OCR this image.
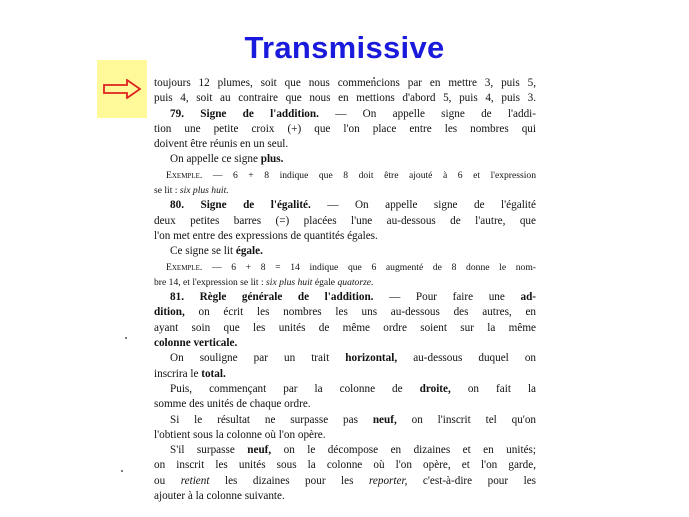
Transmissive
toujours 12 plumes, soit que nous commencions par en mettre 3, puis 5,
puis 4, soit au contraire que nous en mettions d'abord 5, puis 4, puis 3.
79. Signe de l'addition. — On appelle signe de l'addi-
tion une petite croix (+) que l'on place entre les nombres qui
doivent être réunis en un seul.
On appelle ce signe plus.
Exemple. — 6 + 8 indique que 8 doit être ajouté à 6 et l'expression
se lit : six plus huit.
80. Signe de l'égalité. — On appelle signe de l'égalité
deux petites barres (=) placées l'une au-dessous de l'autre, que
l'on met entre des expressions de quantités égales.
Ce signe se lit égale.
Exemple. — 6 + 8 = 14 indique que 6 augmenté de 8 donne le nom-
bre 14, et l'expression se lit : six plus huit égale quatorze.
81. Règle générale de l'addition. — Pour faire une ad-
dition, on écrit les nombres les uns au-dessous des autres, en
ayant soin que les unités de même ordre soient sur la même
colonne verticale.
On souligne par un trait horizontal, au-dessous duquel on
inscrira le total.
Puis, commençant par la colonne de droite, on fait la
somme des unités de chaque ordre.
Si le résultat ne surpasse pas neuf, on l'inscrit tel qu'on
l'obtient sous la colonne où l'on opère.
S'il surpasse neuf, on le décompose en dizaines et en unités;
on inscrit les unités sous la colonne où l'on opère, et l'on garde,
ou retient les dizaines pour les reporter, c'est-à-dire pour les
ajouter à la colonne suivante.
